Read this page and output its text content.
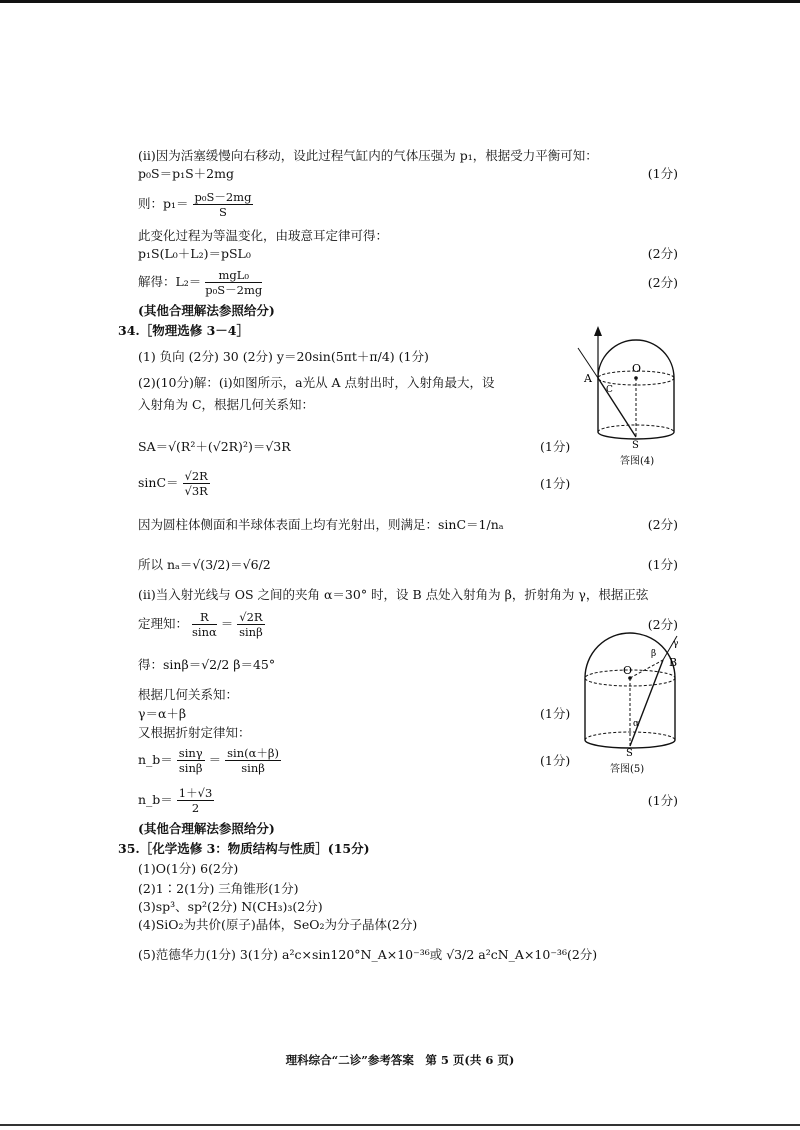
(ii)因为活塞缓慢向右移动，设此过程气缸内的气体压强为 p₁，根据受力平衡可知：
p₀S＝p₁S＋2mg	(1分)
则：$p_1= \frac{\text{p₀S－2mg}}{S}$
此变化过程为等温变化，由玻意耳定律可得：
p₁S(L₀＋L₂)＝pSL₀	(2分)
解得：$L_2= \frac{\text{mgL₀}}{\text{p₀S－2mg}}$	(2分)
(其他合理解法参照给分)
34.［物理选修 3－4］
(1) 负向 (2分) 30 (2分) y＝20sin(5πt＋π/4) (1分)
(2)(10分)解：(i)如图所示，a光从 A 点射出时，入射角最大，设
入射角为 C，根据几何关系知：
SA＝√(R²＋(√2R)²)＝√3R	(1分)
$\sin C= \frac{√2R}{√3R}$	(1分)
因为圆柱体侧面和半球体表面上均有光射出，则满足：sinC＝1/nₐ	(2分)
所以 nₐ＝√(3/2)＝√6/2	(1分)
(ii)当入射光线与 OS 之间的夹角 α＝30° 时，设 B 点处入射角为 β，折射角为 γ，根据正弦
定理知： $\frac{R}{\sin\alpha} = \frac{√2R}{\sin\beta}$	(2分)
得：sinβ＝√2/2 β＝45°
根据几何关系知：
γ＝α＋β	(1分)
又根据折射定律知：
n_b＝ $\frac{\sin\gamma}{\sin\beta} = \frac{\sin(\alpha+\beta)}{\sin\beta}$	(1分)
n_b＝ $\frac{1+√3}{2}$	(1分)
(其他合理解法参照给分)
35.［化学选修 3：物质结构与性质］(15分)
(1)O(1分) 6(2分)
(2)1∶2(1分) 三角锥形(1分)
(3)sp³、sp²(2分) N(CH₃)₃(2分)
(4)SiO₂为共价(原子)晶体，SeO₂为分子晶体(2分)
(5)范德华力(1分) 3(1分) a²c×sin120°N_A×10⁻³⁶或 √3/2 a²cN_A×10⁻³⁶(2分)
A
O
C
S
答图(4)
O
B
β
γ
α
S
答图(5)
理科综合“二诊”参考答案　第 5 页(共 6 页)
